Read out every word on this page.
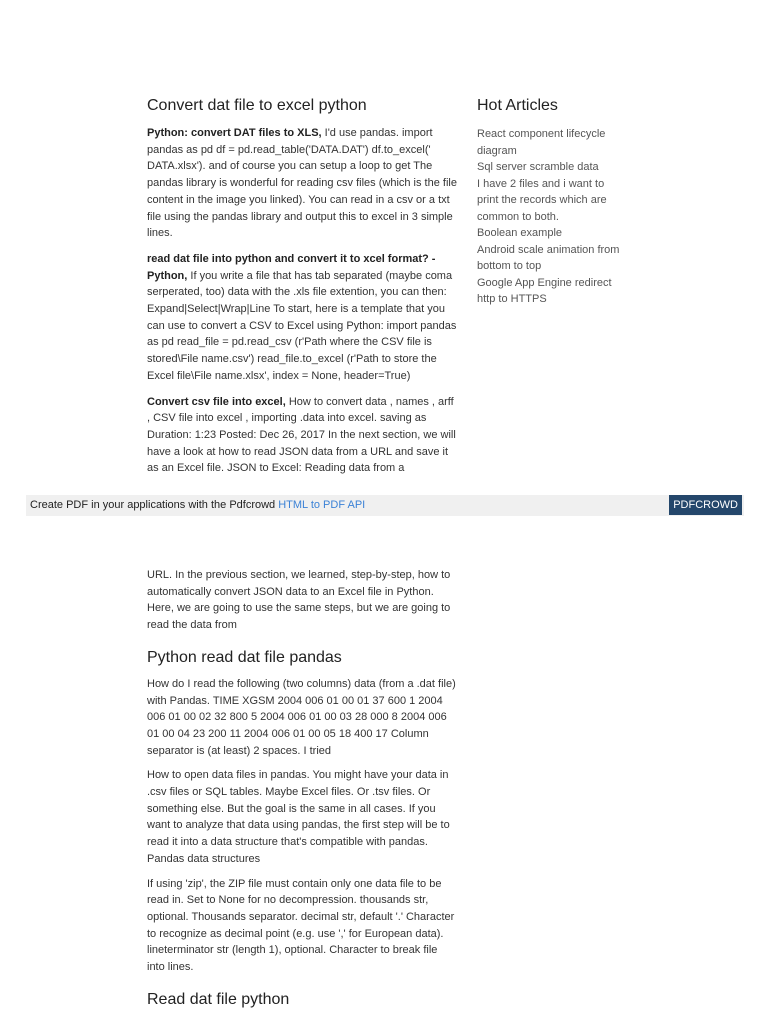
Convert dat file to excel python

Python: convert DAT files to XLS, I'd use pandas. import pandas as pd df = pd.read_table('DATA.DAT') df.to_excel(' DATA.xlsx'). and of course you can setup a loop to get The pandas library is wonderful for reading csv files (which is the file content in the image you linked). You can read in a csv or a txt file using the pandas library and output this to excel in 3 simple lines.

read dat file into python and convert it to xcel format? - Python, If you write a file that has tab separated (maybe coma serperated, too) data with the .xls file extention, you can then: Expand|Select|Wrap|Line To start, here is a template that you can use to convert a CSV to Excel using Python: import pandas as pd read_file = pd.read_csv (r'Path where the CSV file is stored\File name.csv') read_file.to_excel (r'Path to store the Excel file\File name.xlsx', index = None, header=True)

Convert csv file into excel, How to convert data , names , arff , CSV file into excel , importing .data into excel. saving as Duration: 1:23 Posted: Dec 26, 2017 In the next section, we will have a look at how to read JSON data from a URL and save it as an Excel file. JSON to Excel: Reading data from a

Hot Articles
React component lifecycle diagram
Sql server scramble data
I have 2 files and i want to print the records which are common to both.
Boolean example
Android scale animation from bottom to top
Google App Engine redirect http to HTTPS
Create PDF in your applications with the Pdfcrowd HTML to PDF API	PDFCROWD

URL. In the previous section, we learned, step-by-step, how to automatically convert JSON data to an Excel file in Python. Here, we are going to use the same steps, but we are going to read the data from

Python read dat file pandas

How do I read the following (two columns) data (from a .dat file) with Pandas. TIME XGSM 2004 006 01 00 01 37 600 1 2004 006 01 00 02 32 800 5 2004 006 01 00 03 28 000 8 2004 006 01 00 04 23 200 11 2004 006 01 00 05 18 400 17 Column separator is (at least) 2 spaces. I tried

How to open data files in pandas. You might have your data in .csv files or SQL tables. Maybe Excel files. Or .tsv files. Or something else. But the goal is the same in all cases. If you want to analyze that data using pandas, the first step will be to read it into a data structure that's compatible with pandas. Pandas data structures

If using 'zip', the ZIP file must contain only one data file to be read in. Set to None for no decompression. thousands str, optional. Thousands separator. decimal str, default '.' Character to recognize as decimal point (e.g. use ',' for European data). lineterminator str (length 1), optional. Character to break file into lines.

Read dat file python
